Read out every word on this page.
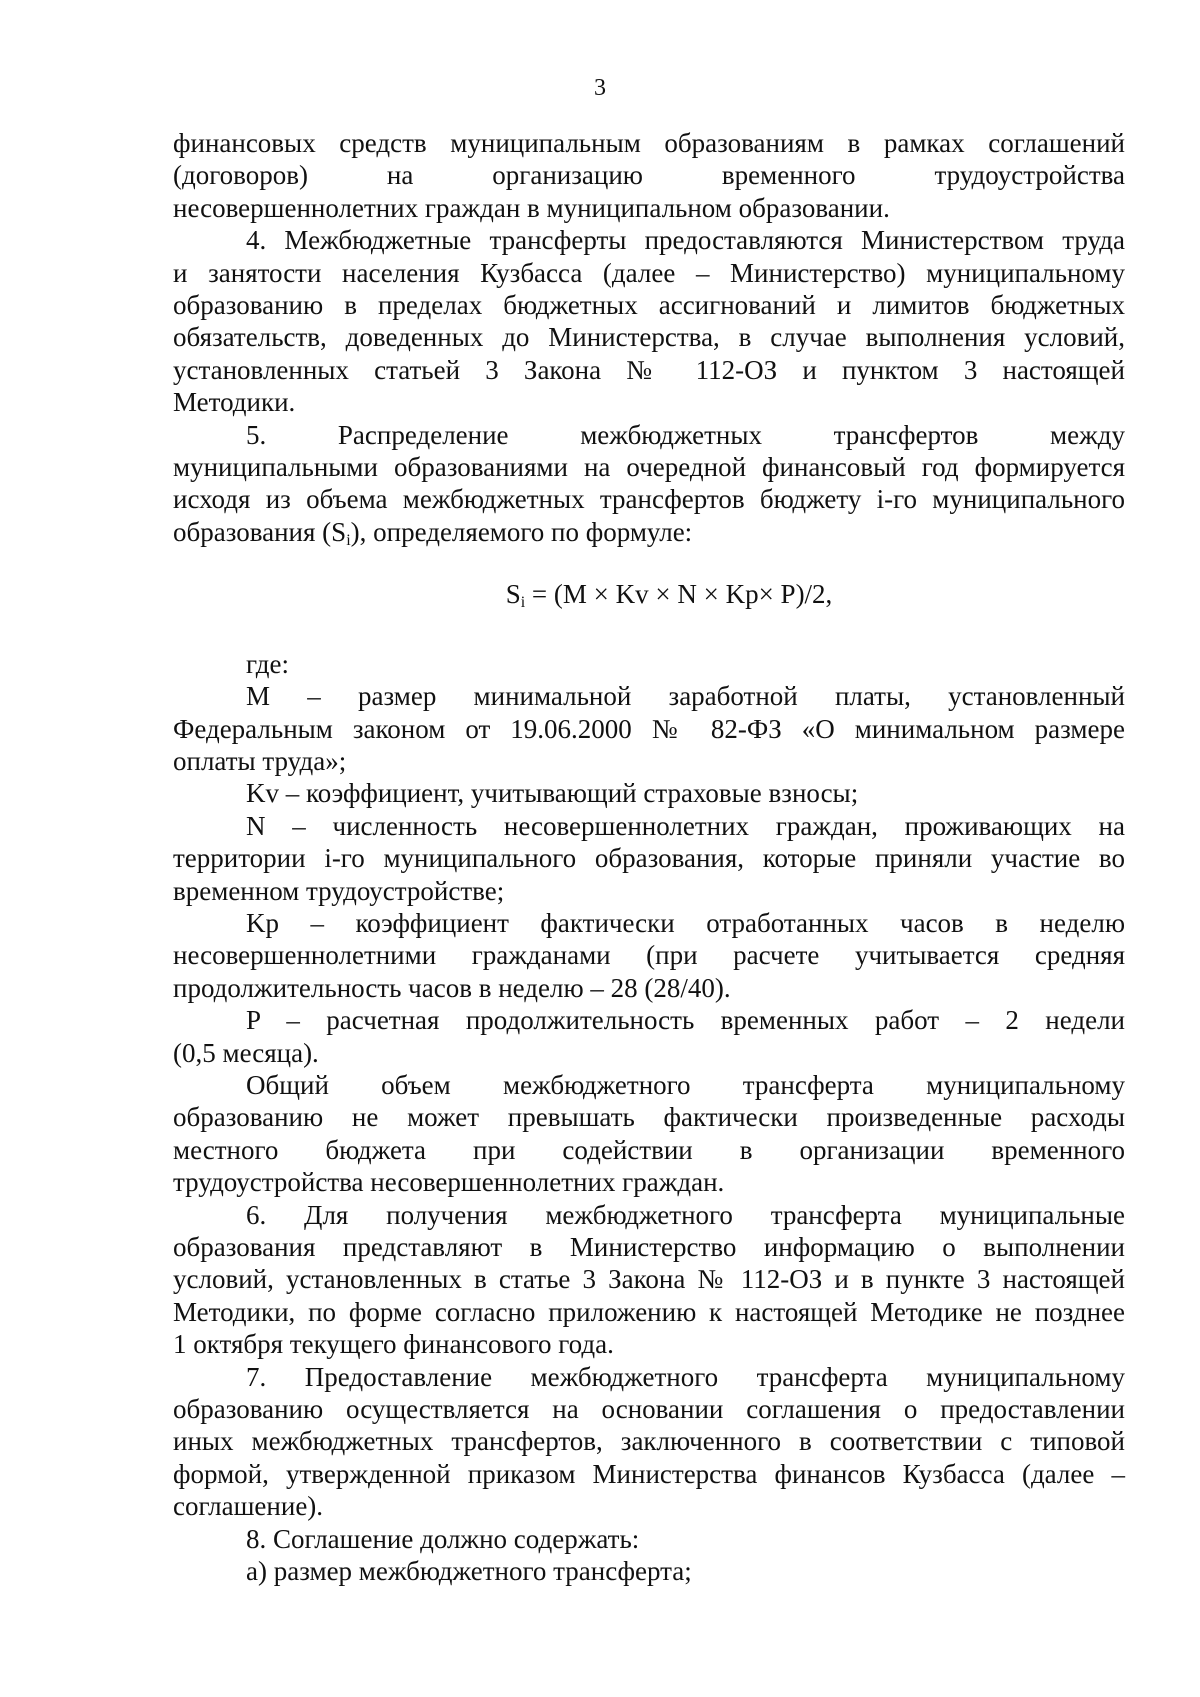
3
финансовых средств муниципальным образованиям в рамках соглашений
(договоров) на организацию временного трудоустройства
несовершеннолетних граждан в муниципальном образовании.
4. Межбюджетные трансферты предоставляются Министерством труда
и занятости населения Кузбасса (далее – Министерство) муниципальному
образованию в пределах бюджетных ассигнований и лимитов бюджетных
обязательств, доведенных до Министерства, в случае выполнения условий,
установленных статьей 3 Закона № 112-ОЗ и пунктом 3 настоящей
Методики.
5. Распределение межбюджетных трансфертов между
муниципальными образованиями на очередной финансовый год формируется
исходя из объема межбюджетных трансфертов бюджету i-го муниципального
образования $(S_i)$, определяемого по формуле:
$S_i = (M \times Kv \times N \times Kp\times P)/2$,
где:
M – размер минимальной заработной платы, установленный
Федеральным законом от 19.06.2000 № 82-ФЗ «О минимальном размере
оплаты труда»;
Kv – коэффициент, учитывающий страховые взносы;
N – численность несовершеннолетних граждан, проживающих на
территории i-го муниципального образования, которые приняли участие во
временном трудоустройстве;
Kp – коэффициент фактически отработанных часов в неделю
несовершеннолетними гражданами (при расчете учитывается средняя
продолжительность часов в неделю – 28 (28/40).
P – расчетная продолжительность временных работ – 2 недели
(0,5 месяца).
Общий объем межбюджетного трансферта муниципальному
образованию не может превышать фактически произведенные расходы
местного бюджета при содействии в организации временного
трудоустройства несовершеннолетних граждан.
6. Для получения межбюджетного трансферта муниципальные
образования представляют в Министерство информацию о выполнении
условий, установленных в статье 3 Закона № 112-ОЗ и в пункте 3 настоящей
Методики, по форме согласно приложению к настоящей Методике не позднее
1 октября текущего финансового года.
7. Предоставление межбюджетного трансферта муниципальному
образованию осуществляется на основании соглашения о предоставлении
иных межбюджетных трансфертов, заключенного в соответствии с типовой
формой, утвержденной приказом Министерства финансов Кузбасса (далее –
соглашение).
8. Соглашение должно содержать:
а) размер межбюджетного трансферта;
